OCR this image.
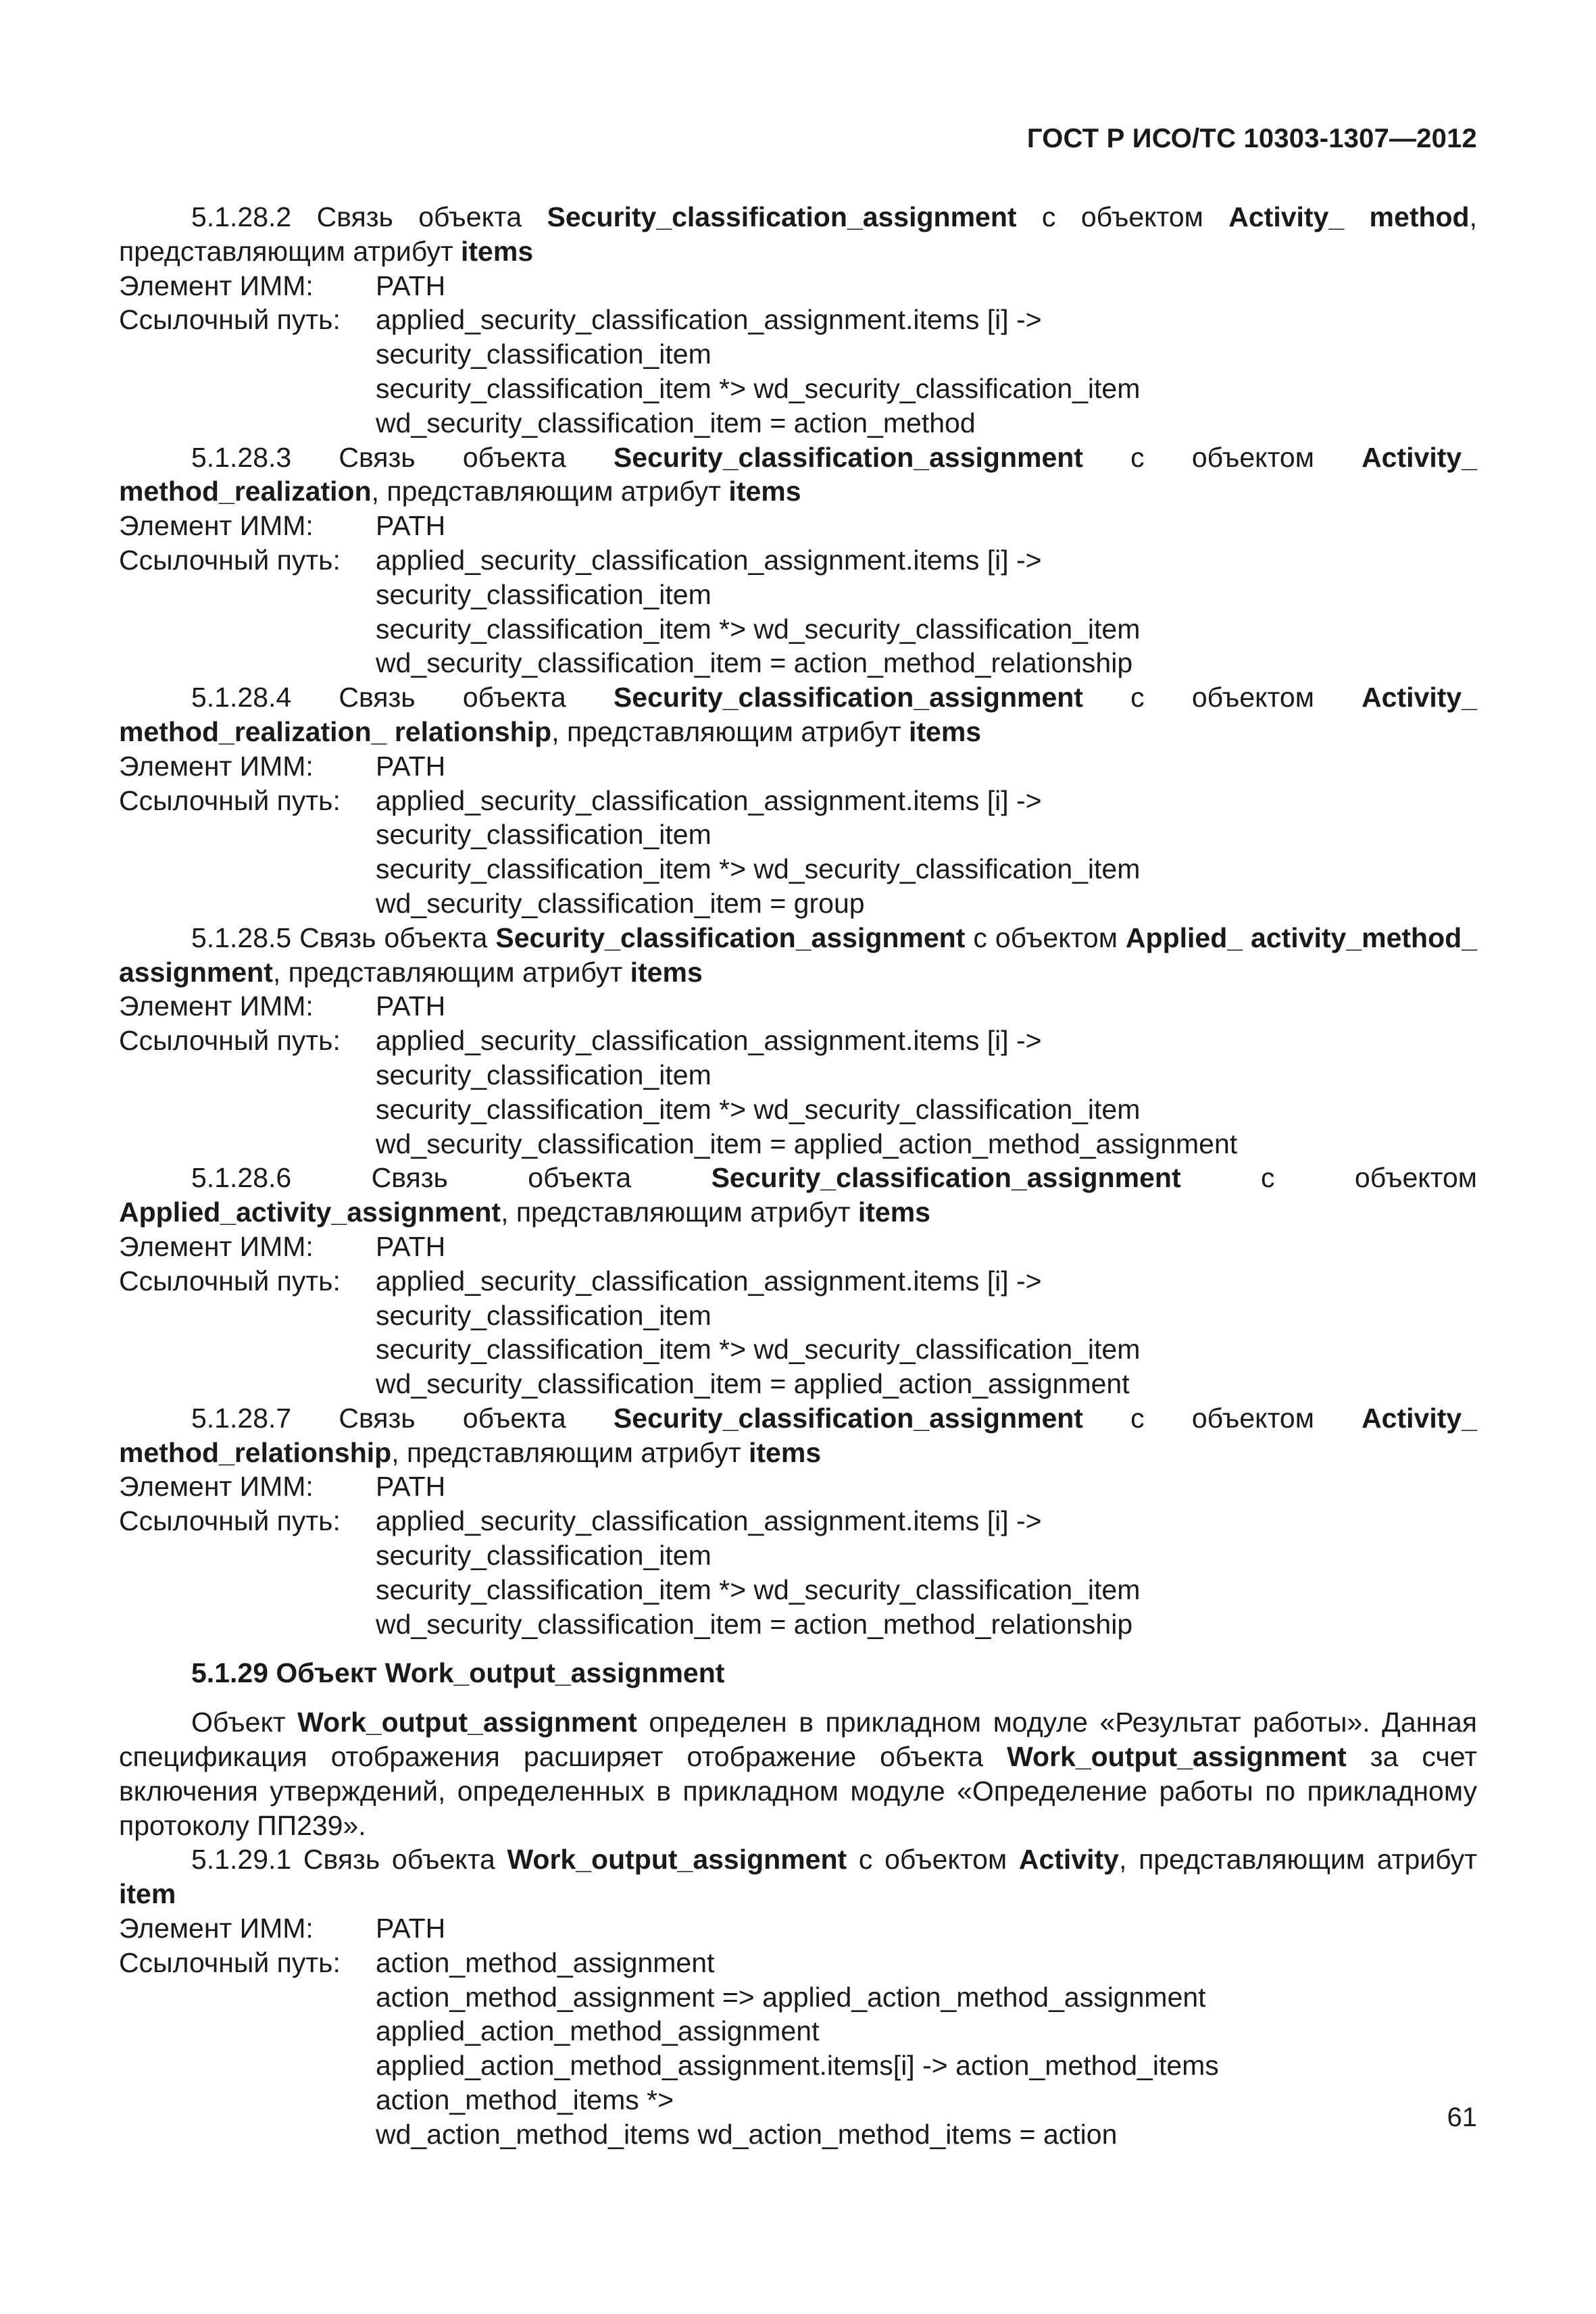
ГОСТ Р ИСО/ТС 10303-1307—2012

5.1.28.2 Связь объекта Security_classification_assignment с объектом Activity_ method, представляющим атрибут items

Элемент ИММ:	PATH
Ссылочный путь:	applied_security_classification_assignment.items [i] ->
security_classification_item
security_classification_item *> wd_security_classification_item
wd_security_classification_item = action_method

5.1.28.3 Связь объекта Security_classification_assignment с объектом Activity_ method_realization, представляющим атрибут items

Элемент ИММ:	PATH
Ссылочный путь:	applied_security_classification_assignment.items [i] ->
security_classification_item
security_classification_item *> wd_security_classification_item
wd_security_classification_item = action_method_relationship

5.1.28.4 Связь объекта Security_classification_assignment с объектом Activity_ method_realization_ relationship, представляющим атрибут items

Элемент ИММ:	PATH
Ссылочный путь:	applied_security_classification_assignment.items [i] ->
security_classification_item
security_classification_item *> wd_security_classification_item
wd_security_classification_item = group

5.1.28.5 Связь объекта Security_classification_assignment с объектом Applied_ activity_method_ assignment, представляющим атрибут items

Элемент ИММ:	PATH
Ссылочный путь:	applied_security_classification_assignment.items [i] ->
security_classification_item
security_classification_item *> wd_security_classification_item
wd_security_classification_item = applied_action_method_assignment

5.1.28.6 Связь объекта Security_classification_assignment с объектом Applied_activity_assignment, представляющим атрибут items

Элемент ИММ:	PATH
Ссылочный путь:	applied_security_classification_assignment.items [i] ->
security_classification_item
security_classification_item *> wd_security_classification_item
wd_security_classification_item = applied_action_assignment

5.1.28.7 Связь объекта Security_classification_assignment с объектом Activity_ method_relationship, представляющим атрибут items

Элемент ИММ:	PATH
Ссылочный путь:	applied_security_classification_assignment.items [i] ->
security_classification_item
security_classification_item *> wd_security_classification_item
wd_security_classification_item = action_method_relationship
5.1.29 Объект Work_output_assignment

Объект Work_output_assignment определен в прикладном модуле «Результат работы». Данная спецификация отображения расширяет отображение объекта Work_output_assignment за счет включения утверждений, определенных в прикладном модуле «Определение работы по прикладному протоколу ПП239».

5.1.29.1 Связь объекта Work_output_assignment с объектом Activity, представляющим атрибут item

Элемент ИММ:	PATH
Ссылочный путь:	action_method_assignment
action_method_assignment => applied_action_method_assignment
applied_action_method_assignment
applied_action_method_assignment.items[i] -> action_method_items
action_method_items *>
wd_action_method_items wd_action_method_items = action
61
